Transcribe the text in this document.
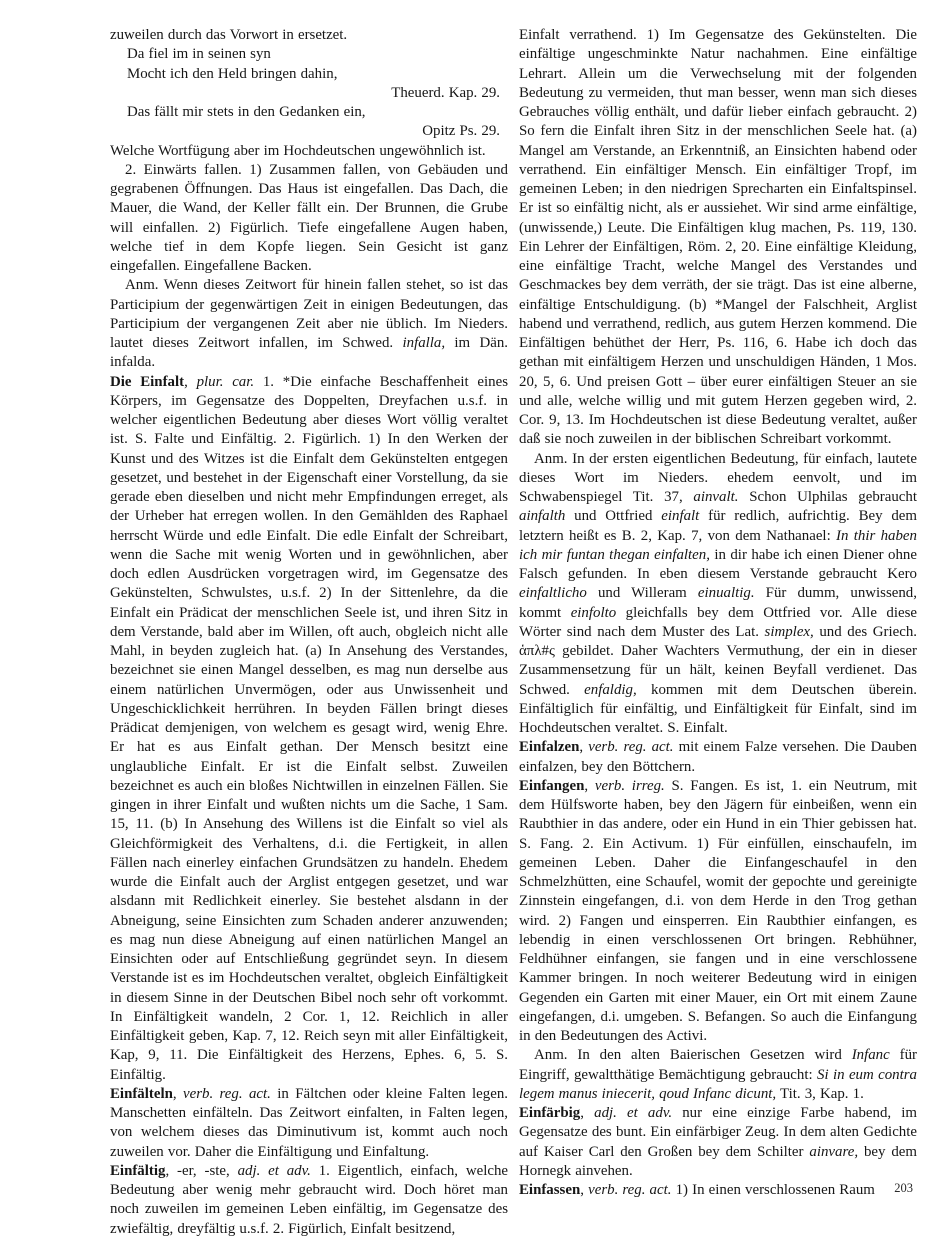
zuweilen durch das Vorwort in ersetzet.

Da fiel im in seinen syn

Mocht ich den Held bringen dahin,

Theuerd. Kap. 29.

Das fällt mir stets in den Gedanken ein,

Opitz Ps. 29.

Welche Wortfügung aber im Hochdeutschen ungewöhnlich ist.

2. Einwärts fallen. 1) Zusammen fallen, von Gebäuden und gegrabenen Öffnungen. Das Haus ist eingefallen. Das Dach, die Mauer, die Wand, der Keller fällt ein. Der Brunnen, die Grube will einfallen. 2) Figürlich. Tiefe eingefallene Augen haben, welche tief in dem Kopfe liegen. Sein Gesicht ist ganz eingefallen. Eingefallene Backen.

Anm. Wenn dieses Zeitwort für hinein fallen stehet, so ist das Participium der gegenwärtigen Zeit in einigen Bedeutungen, das Participium der vergangenen Zeit aber nie üblich. Im Nieders. lautet dieses Zeitwort infallen, im Schwed. infalla, im Dän. infalda.

Die Einfalt, plur. car. 1. *Die einfache Beschaffenheit eines Körpers, im Gegensatze des Doppelten, Dreyfachen u.s.f. in welcher eigentlichen Bedeutung aber dieses Wort völlig veraltet ist. S. Falte und Einfältig. 2. Figürlich. 1) In den Werken der Kunst und des Witzes ist die Einfalt dem Gekünstelten entgegen gesetzet, und bestehet in der Eigenschaft einer Vorstellung, da sie gerade eben dieselben und nicht mehr Empfindungen erreget, als der Urheber hat erregen wollen. In den Gemählden des Raphael herrscht Würde und edle Einfalt. Die edle Einfalt der Schreibart, wenn die Sache mit wenig Worten und in gewöhnlichen, aber doch edlen Ausdrücken vorgetragen wird, im Gegensatze des Gekünstelten, Schwulstes, u.s.f. 2) In der Sittenlehre, da die Einfalt ein Prädicat der menschlichen Seele ist, und ihren Sitz in dem Verstande, bald aber im Willen, oft auch, obgleich nicht alle Mahl, in beyden zugleich hat. (a) In Ansehung des Verstandes, bezeichnet sie einen Mangel desselben, es mag nun derselbe aus einem natürlichen Unvermögen, oder aus Unwissenheit und Ungeschicklichkeit herrühren. In beyden Fällen bringt dieses Prädicat demjenigen, von welchem es gesagt wird, wenig Ehre. Er hat es aus Einfalt gethan. Der Mensch besitzt eine unglaubliche Einfalt. Er ist die Einfalt selbst. Zuweilen bezeichnet es auch ein bloßes Nichtwillen in einzelnen Fällen. Sie gingen in ihrer Einfalt und wußten nichts um die Sache, 1 Sam. 15, 11. (b) In Ansehung des Willens ist die Einfalt so viel als Gleichförmigkeit des Verhaltens, d.i. die Fertigkeit, in allen Fällen nach einerley einfachen Grundsätzen zu handeln. Ehedem wurde die Einfalt auch der Arglist entgegen gesetzet, und war alsdann mit Redlichkeit einerley. Sie bestehet alsdann in der Abneigung, seine Einsichten zum Schaden anderer anzuwenden; es mag nun diese Abneigung auf einen natürlichen Mangel an Einsichten oder auf Entschließung gegründet seyn. In diesem Verstande ist es im Hochdeutschen veraltet, obgleich Einfältigkeit in diesem Sinne in der Deutschen Bibel noch sehr oft vorkommt. In Einfältigkeit wandeln, 2 Cor. 1, 12. Reichlich in aller Einfältigkeit geben, Kap. 7, 12. Reich seyn mit aller Einfältigkeit, Kap, 9, 11. Die Einfältigkeit des Herzens, Ephes. 6, 5. S. Einfältig.

Einfälteln, verb. reg. act. in Fältchen oder kleine Falten legen. Manschetten einfälteln. Das Zeitwort einfalten, in Falten legen, von welchem dieses das Diminutivum ist, kommt auch noch zuweilen vor. Daher die Einfältigung und Einfaltung.

Einfältig, -er, -ste, adj. et adv. 1. Eigentlich, einfach, welche Bedeutung aber wenig mehr gebraucht wird. Doch höret man noch zuweilen im gemeinen Leben einfältig, im Gegensatze des zwiefältig, dreyfältig u.s.f. 2. Figürlich, Einfalt besitzend,

Einfalt verrathend. 1) Im Gegensatze des Gekünstelten. Die einfältige ungeschminkte Natur nachahmen. Eine einfältige Lehrart. Allein um die Verwechselung mit der folgenden Bedeutung zu vermeiden, thut man besser, wenn man sich dieses Gebrauches völlig enthält, und dafür lieber einfach gebraucht. 2) So fern die Einfalt ihren Sitz in der menschlichen Seele hat. (a) Mangel am Verstande, an Erkenntniß, an Einsichten habend oder verrathend. Ein einfältiger Mensch. Ein einfältiger Tropf, im gemeinen Leben; in den niedrigen Sprecharten ein Einfaltspinsel. Er ist so einfältig nicht, als er aussiehet. Wir sind arme einfältige, (unwissende,) Leute. Die Einfältigen klug machen, Ps. 119, 130. Ein Lehrer der Einfältigen, Röm. 2, 20. Eine einfältige Kleidung, eine einfältige Tracht, welche Mangel des Verstandes und Geschmackes bey dem verräth, der sie trägt. Das ist eine alberne, einfältige Entschuldigung. (b) *Mangel der Falschheit, Arglist habend und verrathend, redlich, aus gutem Herzen kommend. Die Einfältigen behüthet der Herr, Ps. 116, 6. Habe ich doch das gethan mit einfältigem Herzen und unschuldigen Händen, 1 Mos. 20, 5, 6. Und preisen Gott – über eurer einfältigen Steuer an sie und alle, welche willig und mit gutem Herzen gegeben wird, 2. Cor. 9, 13. Im Hochdeutschen ist diese Bedeutung veraltet, außer daß sie noch zuweilen in der biblischen Schreibart vorkommt.

Anm. In der ersten eigentlichen Bedeutung, für einfach, lautete dieses Wort im Nieders. ehedem eenvolt, und im Schwabenspiegel Tit. 37, ainvalt. Schon Ulphilas gebraucht ainfalth und Ottfried einfalt für redlich, aufrichtig. Bey dem letztern heißt es B. 2, Kap. 7, von dem Nathanael: In thir haben ich mir funtan thegan einfalten, in dir habe ich einen Diener ohne Falsch gefunden. In eben diesem Verstande gebraucht Kero einfaltlicho und Willeram einualtig. Für dumm, unwissend, kommt einfolto gleichfalls bey dem Ottfried vor. Alle diese Wörter sind nach dem Muster des Lat. simplex, und des Griech. ἁπλ#ς gebildet. Daher Wachters Vermuthung, der ein in dieser Zusammensetzung für un hält, keinen Beyfall verdienet. Das Schwed. enfaldig, kommen mit dem Deutschen überein. Einfältiglich für einfältig, und Einfältigkeit für Einfalt, sind im Hochdeutschen veraltet. S. Einfalt.

Einfalzen, verb. reg. act. mit einem Falze versehen. Die Dauben einfalzen, bey den Böttchern.

Einfangen, verb. irreg. S. Fangen. Es ist, 1. ein Neutrum, mit dem Hülfsworte haben, bey den Jägern für einbeißen, wenn ein Raubthier in das andere, oder ein Hund in ein Thier gebissen hat. S. Fang. 2. Ein Activum. 1) Für einfüllen, einschaufeln, im gemeinen Leben. Daher die Einfangeschaufel in den Schmelzhütten, eine Schaufel, womit der gepochte und gereinigte Zinnstein eingefangen, d.i. von dem Herde in den Trog gethan wird. 2) Fangen und einsperren. Ein Raubthier einfangen, es lebendig in einen verschlossenen Ort bringen. Rebhühner, Feldhühner einfangen, sie fangen und in eine verschlossene Kammer bringen. In noch weiterer Bedeutung wird in einigen Gegenden ein Garten mit einer Mauer, ein Ort mit einem Zaune eingefangen, d.i. umgeben. S. Befangen. So auch die Einfangung in den Bedeutungen des Activi.

Anm. In den alten Baierischen Gesetzen wird Infanc für Eingriff, gewaltthätige Bemächtigung gebraucht: Si in eum contra legem manus iniecerit, qoud Infanc dicunt, Tit. 3, Kap. 1.

Einfärbig, adj. et adv. nur eine einzige Farbe habend, im Gegensatze des bunt. Ein einfärbiger Zeug. In dem alten Gedichte auf Kaiser Carl den Großen bey dem Schilter ainvare, bey dem Hornegk ainvehen.

Einfassen, verb. reg. act. 1) In einen verschlossenen Raum	203
